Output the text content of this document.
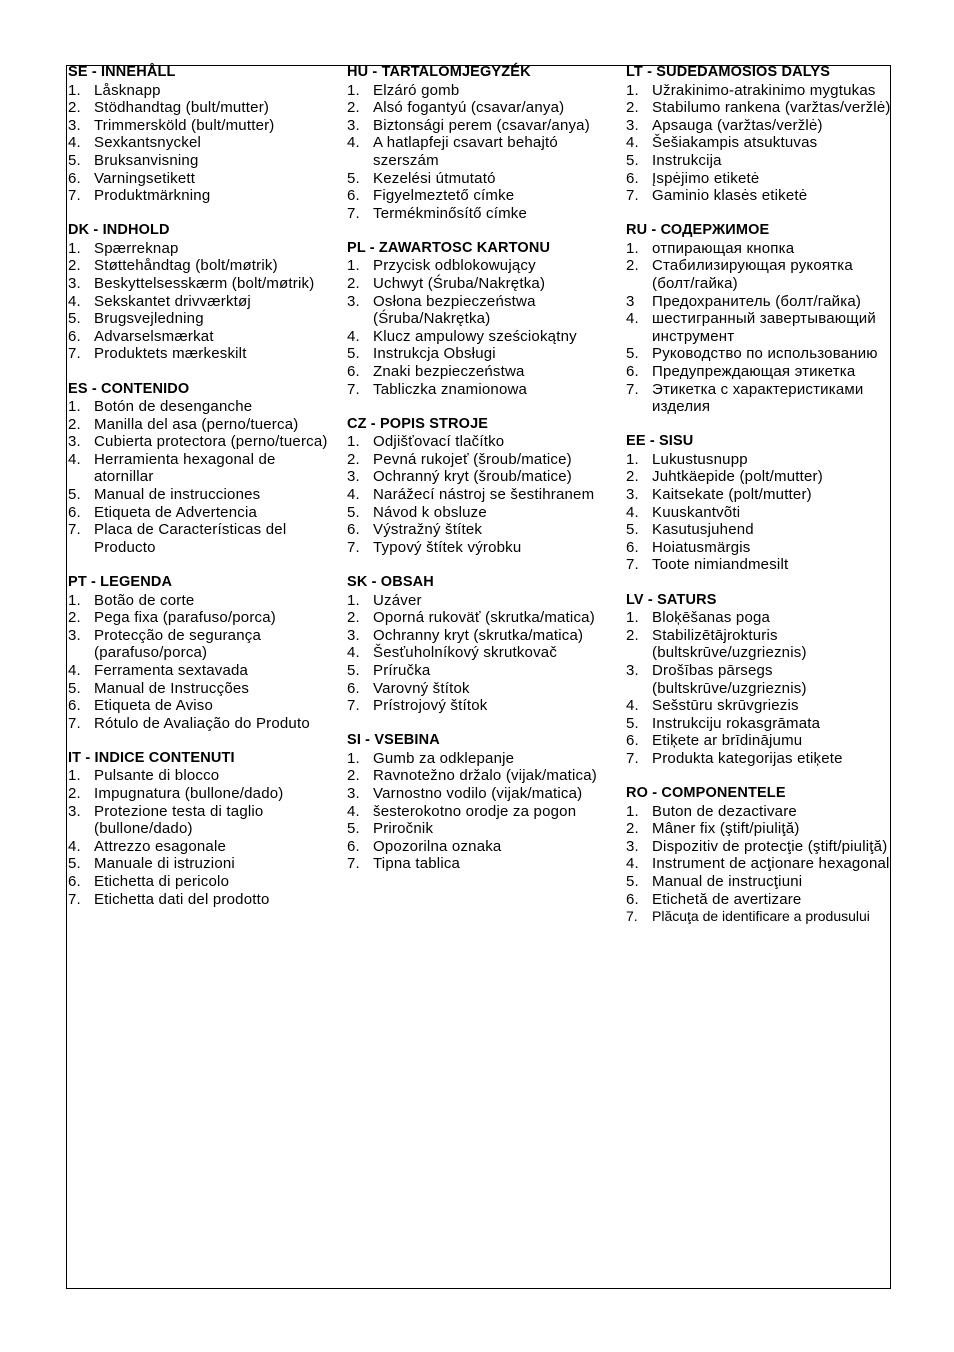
SE - INNEHÅLL
1. Låsknapp
2. Stödhandtag (bult/mutter)
3. Trimmersköld (bult/mutter)
4. Sexkantsnyckel
5. Bruksanvisning
6. Varningsetikett
7. Produktmärkning
DK - INDHOLD
1. Spærreknap
2. Støttehåndtag (bolt/møtrik)
3. Beskyttelsesskærm (bolt/møtrik)
4. Sekskantet drivværktøj
5. Brugsvejledning
6. Advarselsmærkat
7. Produktets mærkeskilt
ES - CONTENIDO
1. Botón de desenganche
2. Manilla del asa (perno/tuerca)
3. Cubierta protectora (perno/tuerca)
4. Herramienta hexagonal de atornillar
5. Manual de instrucciones
6. Etiqueta de Advertencia
7. Placa de Características del Producto
PT - LEGENDA
1. Botão de corte
2. Pega fixa (parafuso/porca)
3. Protecção de segurança (parafuso/porca)
4. Ferramenta sextavada
5. Manual de Instrucções
6. Etiqueta de Aviso
7. Rótulo de Avaliação do Produto
IT - INDICE CONTENUTI
1. Pulsante di blocco
2. Impugnatura (bullone/dado)
3. Protezione testa di taglio (bullone/dado)
4. Attrezzo esagonale
5. Manuale di istruzioni
6. Etichetta di pericolo
7. Etichetta dati del prodotto
HU - TARTALOMJEGYZÉK
1. Elzáró gomb
2. Alsó fogantyú (csavar/anya)
3. Biztonsági perem (csavar/anya)
4. A hatlapfeji csavart behajtó szerszám
5. Kezelési útmutató
6. Figyelmeztető címke
7. Termékminősítő címke
PL - ZAWARTOSC KARTONU
1. Przycisk odblokowujący
2. Uchwyt (Śruba/Nakrętka)
3. Osłona bezpieczeństwa (Śruba/Nakrętka)
4. Klucz ampulowy sześciokątny
5. Instrukcja Obsługi
6. Znaki bezpieczeństwa
7. Tabliczka znamionowa
CZ - POPIS STROJE
1. Odjišťovací tlačítko
2. Pevná rukojeť (šroub/matice)
3. Ochranný kryt (šroub/matice)
4. Narážecí nástroj se šestihranem
5. Návod k obsluze
6. Výstražný štítek
7. Typový štítek výrobku
SK - OBSAH
1. Uzáver
2. Oporná rukoväť (skrutka/matica)
3. Ochranny kryt (skrutka/matica)
4. Šesťuholníkový skrutkovač
5. Príručka
6. Varovný štítok
7. Prístrojový štítok
SI - VSEBINA
1. Gumb za odklepanje
2. Ravnotežno držalo (vijak/matica)
3. Varnostno vodilo (vijak/matica)
4. šesterokotno orodje za pogon
5. Priročnik
6. Opozorilna oznaka
7. Tipna tablica
LT - SUDEDAMOSIOS DALYS
1. Užrakinimo-atrakinimo mygtukas
2. Stabilumo rankena (varžtas/veržlė)
3. Apsauga (varžtas/veržlė)
4. Šešiakampis atsuktuvas
5. Instrukcija
6. Įspėjimo etiketė
7. Gaminio klasės etiketė
RU - СОДЕРЖИМОЕ
1. отпирающая кнопка
2. Стабилизирующая рукоятка (болт/гайка)
3	Предохранитель (болт/гайка)
4. шестигранный завертывающий инструмент
5. Руководство по использованию
6. Предупреждающая этикетка
7. Этикетка с характеристиками изделия
EE - SISU
1. Lukustusnupp
2. Juhtkäepide (polt/mutter)
3. Kaitsekate (polt/mutter)
4. Kuuskantvõti
5. Kasutusjuhend
6. Hoiatusmärgis
7. Toote nimiandmesilt
LV - SATURS
1. Bloķēšanas poga
2. Stabilizētājrokturis (bultskrūve/uzgrieznis)
3. Drošības pārsegs (bultskrūve/uzgrieznis)
4. Sešstūru skrūvgriezis
5. Instrukciju rokasgrāmata
6. Etiķete ar brīdinājumu
7. Produkta kategorijas etiķete
RO - COMPONENTELE
1. Buton de dezactivare
2. Mâner fix (ştift/piuliţă)
3. Dispozitiv de protecţie (ştift/piuliţă)
4. Instrument de acţionare hexagonal
5. Manual de instrucţiuni
6. Etichetă de avertizare
7.	Plăcuţa de identificare a produsului
